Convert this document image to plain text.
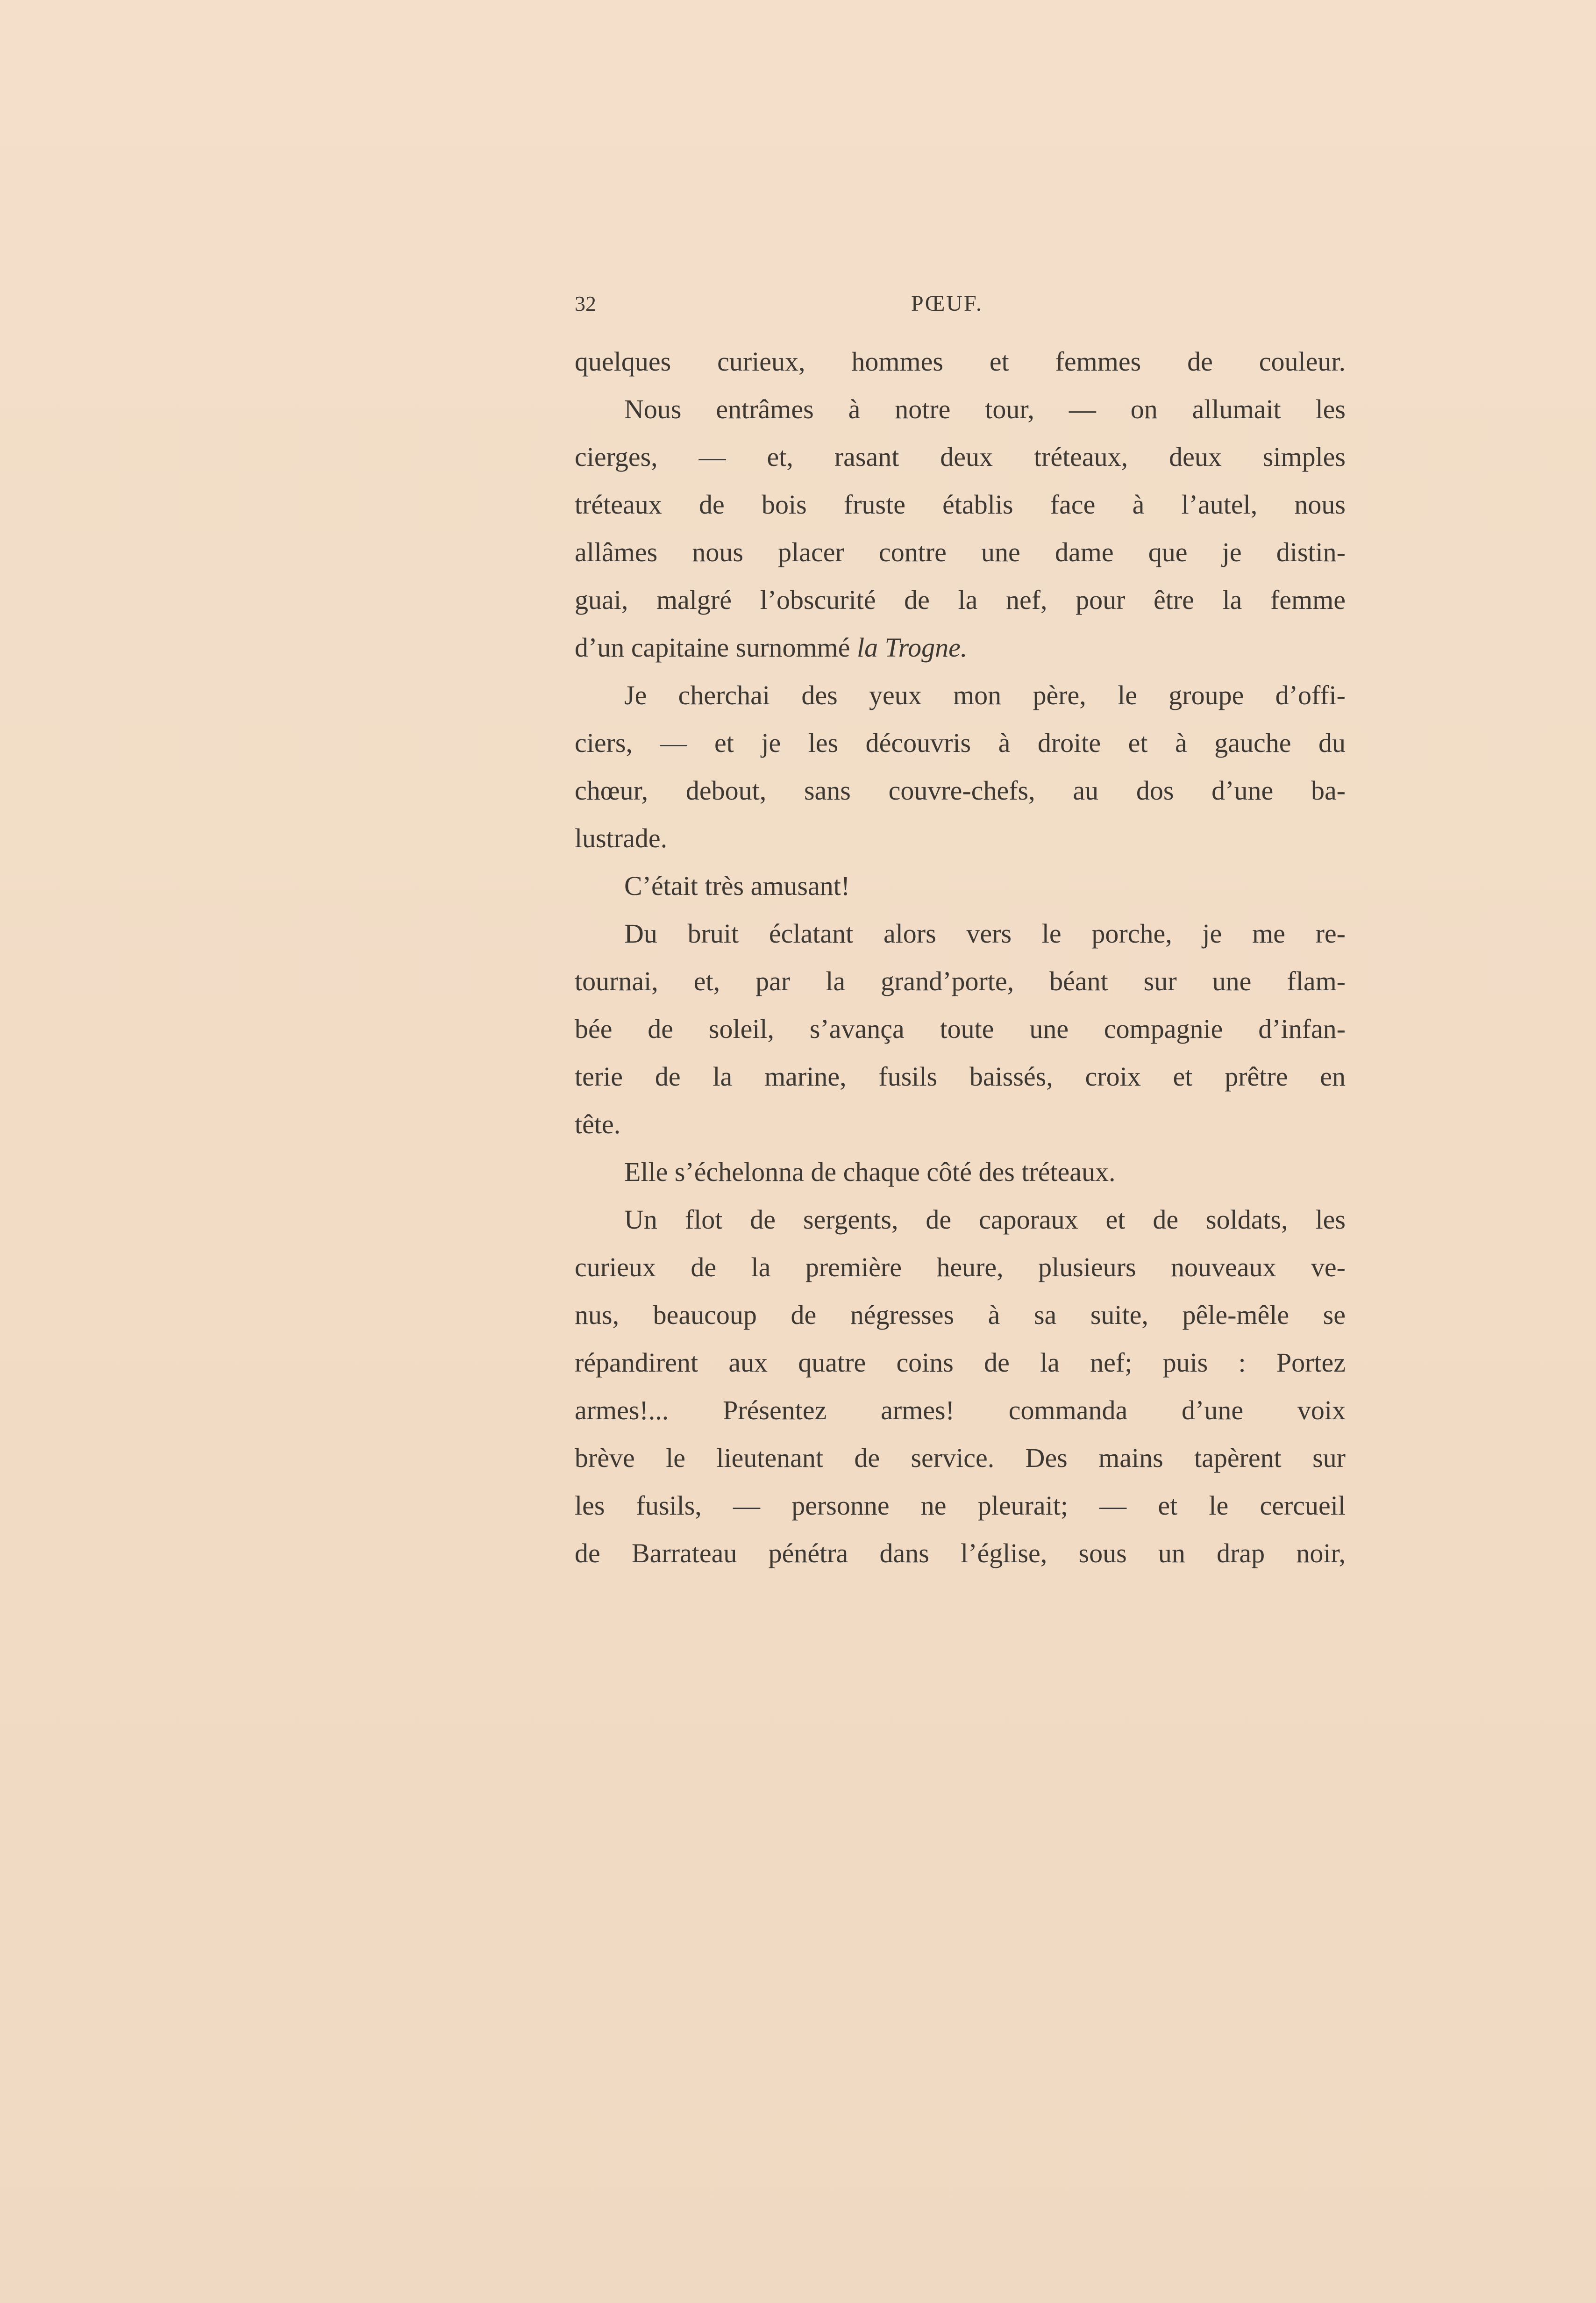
32	PŒUF.
quelques curieux, hommes et femmes de couleur.
Nous entrâmes à notre tour, — on allumait les
cierges, — et, rasant deux tréteaux, deux simples
tréteaux de bois fruste établis face à l’autel, nous
allâmes nous placer contre une dame que je distin-
guai, malgré l’obscurité de la nef, pour être la femme
d’un capitaine surnommé la Trogne.
Je cherchai des yeux mon père, le groupe d’offi-
ciers, — et je les découvris à droite et à gauche du
chœur, debout, sans couvre-chefs, au dos d’une ba-
lustrade.
C’était très amusant!
Du bruit éclatant alors vers le porche, je me re-
tournai, et, par la grand’porte, béant sur une flam-
bée de soleil, s’avança toute une compagnie d’infan-
terie de la marine, fusils baissés, croix et prêtre en
tête.
Elle s’échelonna de chaque côté des tréteaux.
Un flot de sergents, de caporaux et de soldats, les
curieux de la première heure, plusieurs nouveaux ve-
nus, beaucoup de négresses à sa suite, pêle-mêle se
répandirent aux quatre coins de la nef; puis : Portez
armes!... Présentez armes! commanda d’une voix
brève le lieutenant de service. Des mains tapèrent sur
les fusils, — personne ne pleurait; — et le cercueil
de Barrateau pénétra dans l’église, sous un drap noir,
